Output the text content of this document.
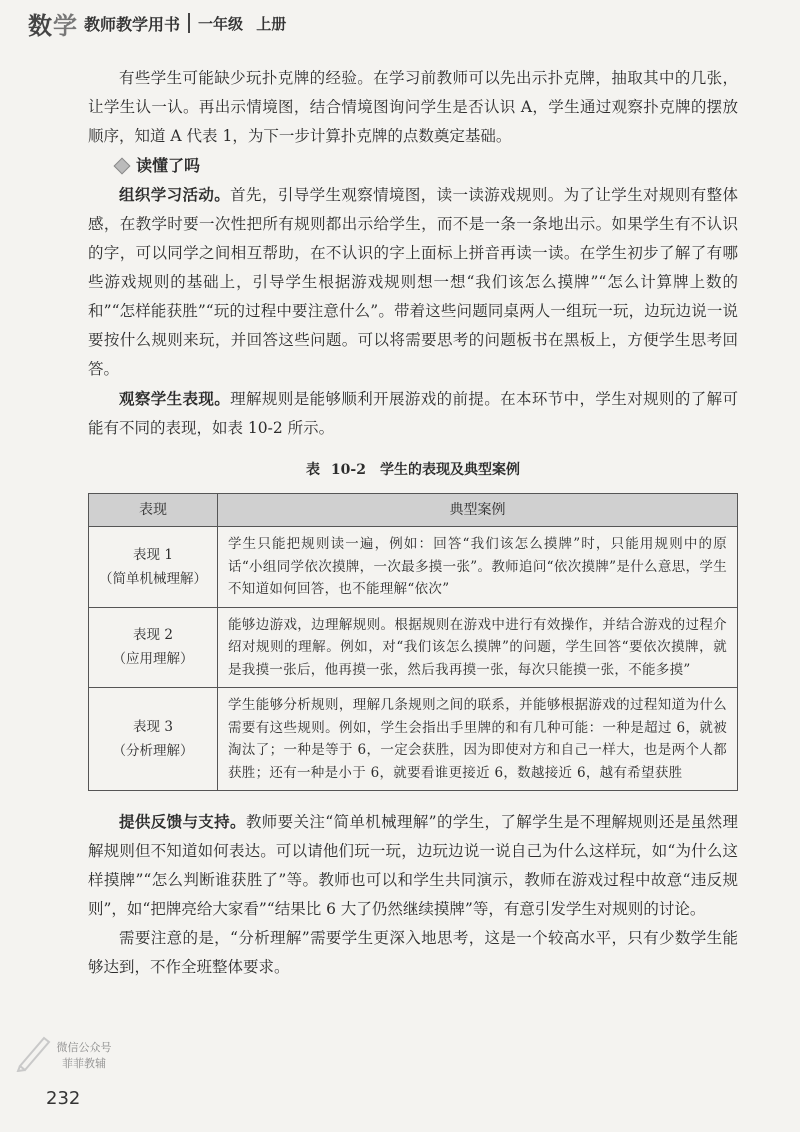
数学 教师教学用书 一年级 上册

有些学生可能缺少玩扑克牌的经验。在学习前教师可以先出示扑克牌，抽取其中的几张，让学生认一认。再出示情境图，结合情境图询问学生是否认识 A，学生通过观察扑克牌的摆放顺序，知道 A 代表 1，为下一步计算扑克牌的点数奠定基础。

读懂了吗

组织学习活动。首先，引导学生观察情境图，读一读游戏规则。为了让学生对规则有整体感，在教学时要一次性把所有规则都出示给学生，而不是一条一条地出示。如果学生有不认识的字，可以同学之间相互帮助，在不认识的字上面标上拼音再读一读。在学生初步了解了有哪些游戏规则的基础上，引导学生根据游戏规则想一想“我们该怎么摸牌”“怎么计算牌上数的和”“怎样能获胜”“玩的过程中要注意什么”。带着这些问题同桌两人一组玩一玩，边玩边说一说要按什么规则来玩，并回答这些问题。可以将需要思考的问题板书在黑板上，方便学生思考回答。

观察学生表现。理解规则是能够顺利开展游戏的前提。在本环节中，学生对规则的了解可能有不同的表现，如表 10-2 所示。

表 10-2　学生的表现及典型案例
表现	典型案例

表现 1
（简单机械理解）	学生只能把规则读一遍，例如：回答“我们该怎么摸牌”时，只能用规则中的原话“小组同学依次摸牌，一次最多摸一张”。教师追问“依次摸牌”是什么意思，学生不知道如何回答，也不能理解“依次”

表现 2
（应用理解）	能够边游戏，边理解规则。根据规则在游戏中进行有效操作，并结合游戏的过程介绍对规则的理解。例如，对“我们该怎么摸牌”的问题，学生回答“要依次摸牌，就是我摸一张后，他再摸一张，然后我再摸一张，每次只能摸一张，不能多摸”

表现 3
（分析理解）	学生能够分析规则，理解几条规则之间的联系，并能够根据游戏的过程知道为什么需要有这些规则。例如，学生会指出手里牌的和有几种可能：一种是超过 6，就被淘汰了；一种是等于 6，一定会获胜，因为即使对方和自己一样大，也是两个人都获胜；还有一种是小于 6，就要看谁更接近 6，数越接近 6，越有希望获胜

提供反馈与支持。教师要关注“简单机械理解”的学生，了解学生是不理解规则还是虽然理解规则但不知道如何表达。可以请他们玩一玩，边玩边说一说自己为什么这样玩，如“为什么这样摸牌”“怎么判断谁获胜了”等。教师也可以和学生共同演示，教师在游戏过程中故意“违反规则”，如“把牌亮给大家看”“结果比 6 大了仍然继续摸牌”等，有意引发学生对规则的讨论。

需要注意的是，“分析理解”需要学生更深入地思考，这是一个较高水平，只有少数学生能够达到，不作全班整体要求。

微信公众号
菲菲教辅
232
